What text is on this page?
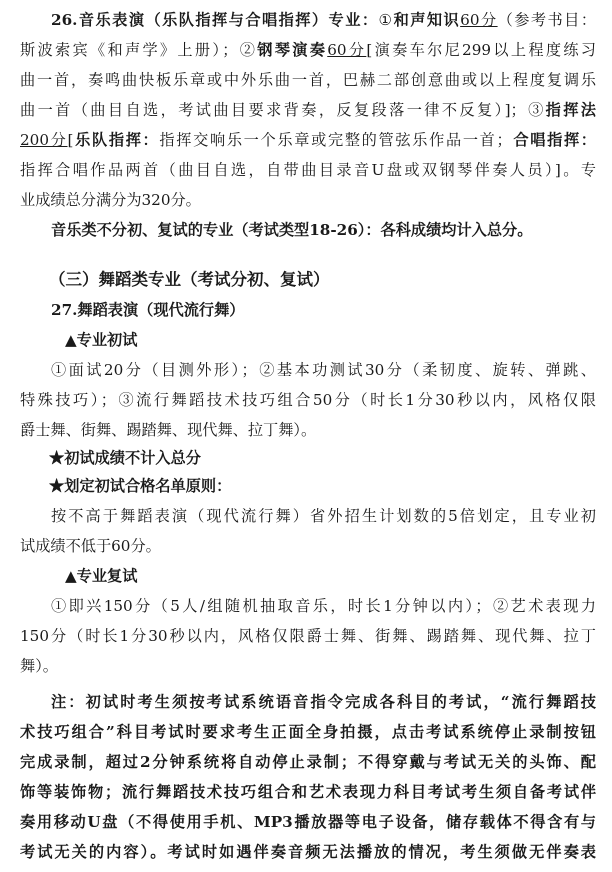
26.音乐表演（乐队指挥与合唱指挥）专业：①和声知识60分（参考书目：
斯波索宾《和声学》上册）；②钢琴演奏60分[演奏车尔尼299以上程度练习
曲一首，奏鸣曲快板乐章或中外乐曲一首，巴赫二部创意曲或以上程度复调乐
曲一首（曲目自选，考试曲目要求背奏，反复段落一律不反复）]；③指挥法
200分[乐队指挥：指挥交响乐一个乐章或完整的管弦乐作品一首；合唱指挥：
指挥合唱作品两首（曲目自选，自带曲目录音U盘或双钢琴伴奏人员）]。专
业成绩总分满分为320分。
音乐类不分初、复试的专业（考试类型18-26）：各科成绩均计入总分。
（三）舞蹈类专业（考试分初、复试）
27.舞蹈表演（现代流行舞）
▲专业初试
①面试20分（目测外形）；②基本功测试30分（柔韧度、旋转、弹跳、
特殊技巧）；③流行舞蹈技术技巧组合50分（时长1分30秒以内，风格仅限
爵士舞、街舞、踢踏舞、现代舞、拉丁舞）。
★初试成绩不计入总分
★划定初试合格名单原则：
按不高于舞蹈表演（现代流行舞）省外招生计划数的5倍划定，且专业初
试成绩不低于60分。
▲专业复试
①即兴150分（5人/组随机抽取音乐，时长1分钟以内）；②艺术表现力
150分（时长1分30秒以内，风格仅限爵士舞、街舞、踢踏舞、现代舞、拉丁
舞）。
注：初试时考生须按考试系统语音指令完成各科目的考试，“流行舞蹈技
术技巧组合”科目考试时要求考生正面全身拍摄，点击考试系统停止录制按钮
完成录制，超过2分钟系统将自动停止录制；不得穿戴与考试无关的头饰、配
饰等装饰物；流行舞蹈技术技巧组合和艺术表现力科目考试考生须自备考试伴
奏用移动U盘（不得使用手机、MP3播放器等电子设备，储存载体不得含有与
考试无关的内容）。考试时如遇伴奏音频无法播放的情况，考生须做无伴奏表
